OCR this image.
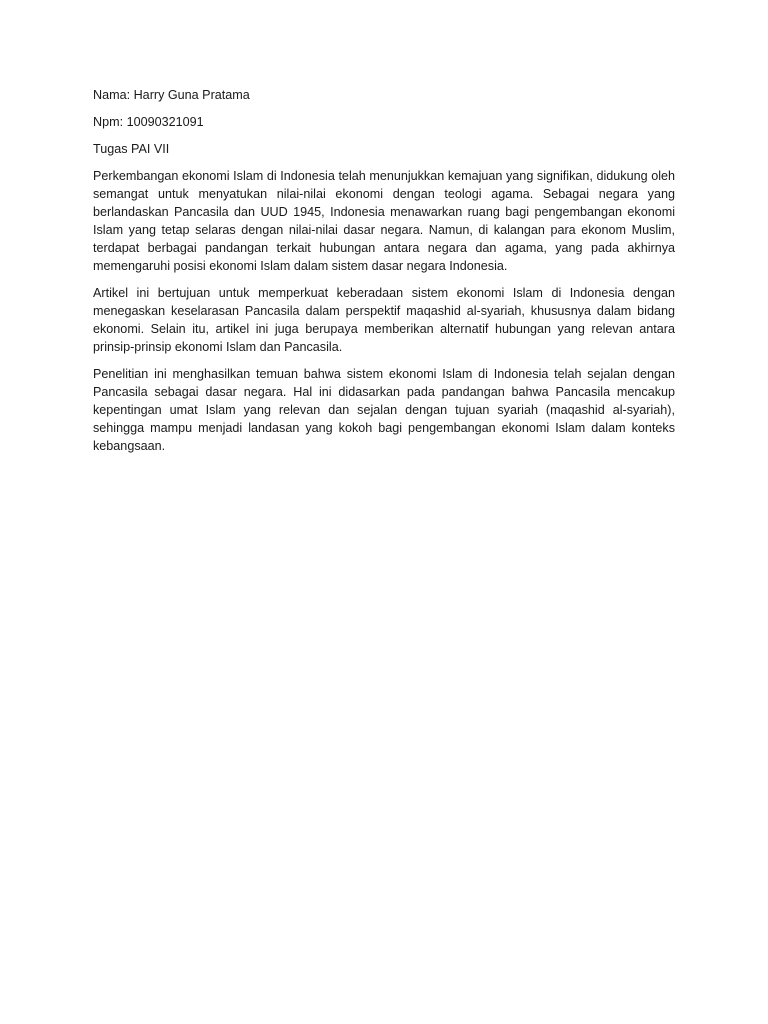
Nama: Harry Guna Pratama

Npm: 10090321091

Tugas PAI VII

Perkembangan ekonomi Islam di Indonesia telah menunjukkan kemajuan yang signifikan, didukung oleh semangat untuk menyatukan nilai-nilai ekonomi dengan teologi agama. Sebagai negara yang berlandaskan Pancasila dan UUD 1945, Indonesia menawarkan ruang bagi pengembangan ekonomi Islam yang tetap selaras dengan nilai-nilai dasar negara. Namun, di kalangan para ekonom Muslim, terdapat berbagai pandangan terkait hubungan antara negara dan agama, yang pada akhirnya memengaruhi posisi ekonomi Islam dalam sistem dasar negara Indonesia.

Artikel ini bertujuan untuk memperkuat keberadaan sistem ekonomi Islam di Indonesia dengan menegaskan keselarasan Pancasila dalam perspektif maqashid al-syariah, khususnya dalam bidang ekonomi. Selain itu, artikel ini juga berupaya memberikan alternatif hubungan yang relevan antara prinsip-prinsip ekonomi Islam dan Pancasila.

Penelitian ini menghasilkan temuan bahwa sistem ekonomi Islam di Indonesia telah sejalan dengan Pancasila sebagai dasar negara. Hal ini didasarkan pada pandangan bahwa Pancasila mencakup kepentingan umat Islam yang relevan dan sejalan dengan tujuan syariah (maqashid al-syariah), sehingga mampu menjadi landasan yang kokoh bagi pengembangan ekonomi Islam dalam konteks kebangsaan.
